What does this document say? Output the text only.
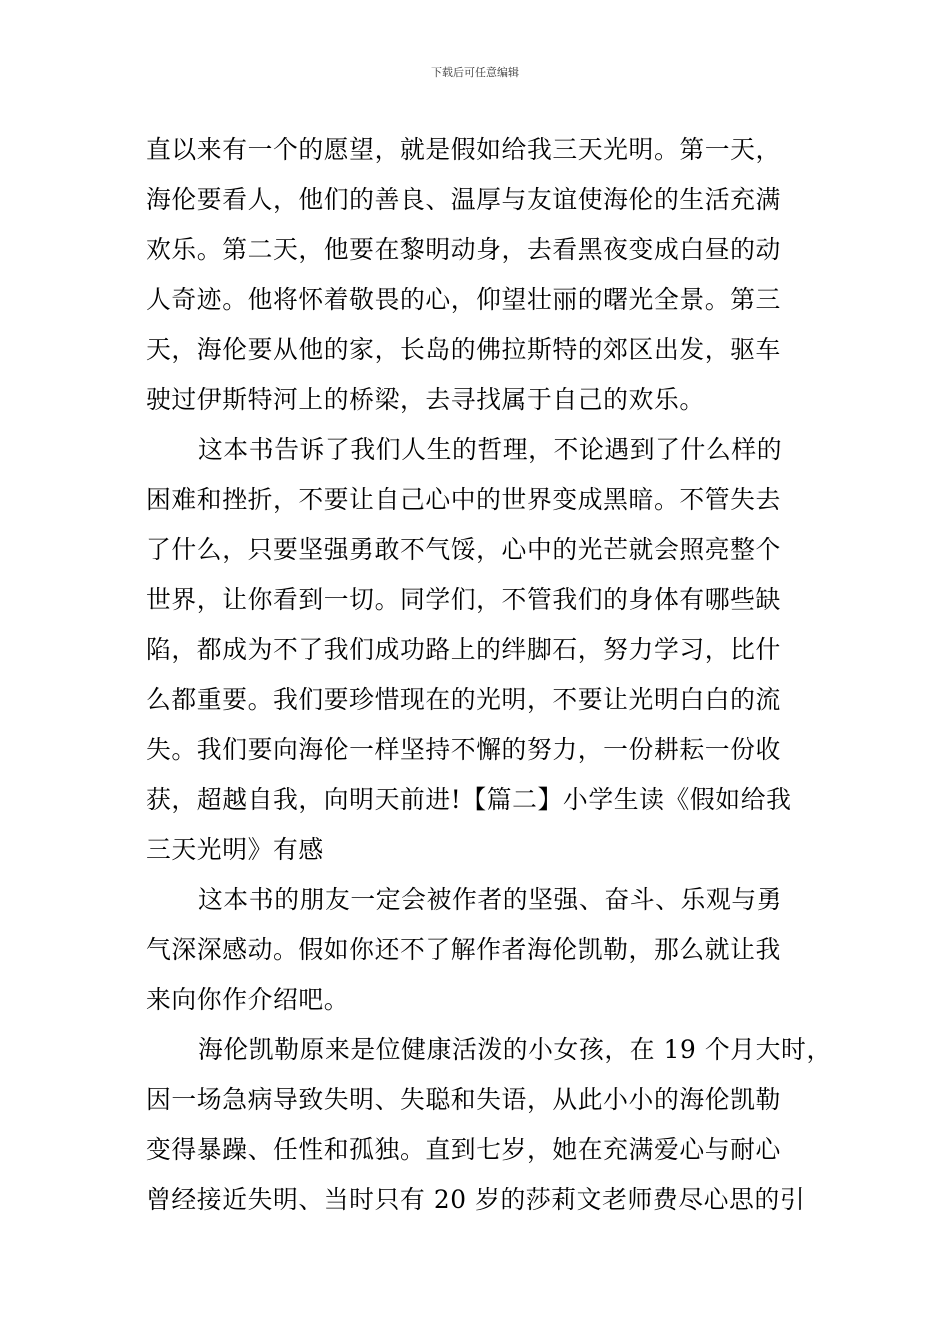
下载后可任意编辑
直以来有一个的愿望，就是假如给我三天光明。第一天，
海伦要看人，他们的善良、温厚与友谊使海伦的生活充满
欢乐。第二天，他要在黎明动身，去看黑夜变成白昼的动
人奇迹。他将怀着敬畏的心，仰望壮丽的曙光全景。第三
天，海伦要从他的家，长岛的佛拉斯特的郊区出发，驱车
驶过伊斯特河上的桥梁，去寻找属于自己的欢乐。
这本书告诉了我们人生的哲理，不论遇到了什么样的
困难和挫折，不要让自己心中的世界变成黑暗。不管失去
了什么，只要坚强勇敢不气馁，心中的光芒就会照亮整个
世界，让你看到一切。同学们，不管我们的身体有哪些缺
陷，都成为不了我们成功路上的绊脚石，努力学习，比什
么都重要。我们要珍惜现在的光明，不要让光明白白的流
失。我们要向海伦一样坚持不懈的努力，一份耕耘一份收
获，超越自我，向明天前进!【篇二】小学生读《假如给我
三天光明》有感
这本书的朋友一定会被作者的坚强、奋斗、乐观与勇
气深深感动。假如你还不了解作者海伦凯勒，那么就让我
来向你作介绍吧。
海伦凯勒原来是位健康活泼的小女孩，在 19 个月大时，
因一场急病导致失明、失聪和失语，从此小小的海伦凯勒
变得暴躁、任性和孤独。直到七岁，她在充满爱心与耐心
曾经接近失明、当时只有 20 岁的莎莉文老师费尽心思的引
